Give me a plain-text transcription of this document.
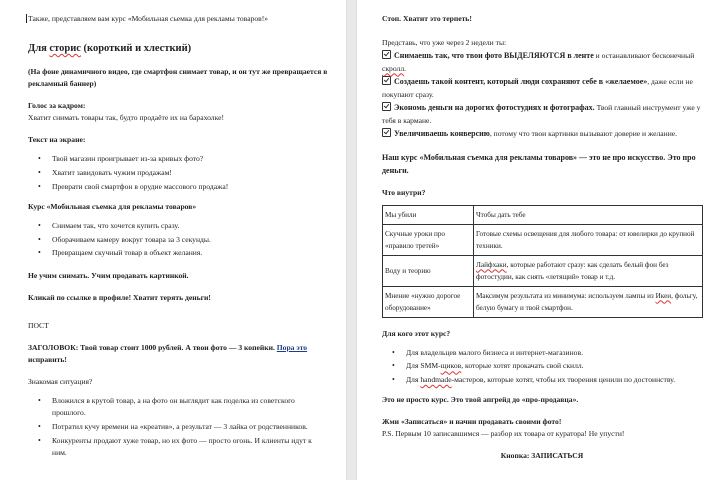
Также, представляем вам курс «Мобильная сьемка для рекламы товаров!»

Для сторис (короткий и хлесткий)

(На фоне динамичного видео, где смартфон снимает товар, и он тут же превращается в рекламный баннер)

Голос за кадром:

Хватит снимать товары так, будто продаёте их на барахолке!

Текст на экране:

• Твой магазин проигрывает из-за кривых фото?
• Хватит завидовать чужим продажам!
• Преврати свой смартфон в орудие массового продажа!

Курс «Мобильная съемка для рекламы товаров»

• Снимаем так, что хочется купить сразу.
• Оборачиваем камеру вокруг товара за 3 секунды.
• Превращаем скучный товар в объект желания.

Не учим снимать. Учим продавать картинкой.

Кликай по ссылке в профиле! Хватит терять деньги!

ПОСТ

ЗАГОЛОВОК: Твой товар стоит 1000 рублей. А твои фото — 3 копейки. Пора это исправить!

Знакомая ситуация?

• Вложился в крутой товар, а на фото он выглядит как поделка из советского прошлого.
• Потратил кучу времени на «креатив», а результат — 3 лайка от родственников.
• Конкуренты продают хуже товар, но их фото — просто огонь. И клиенты идут к ним.

Стоп. Хватит это терпеть!

Представь, что уже через 2 недели ты:

Снимаешь так, что твои фото ВЫДЕЛЯЮТСЯ в ленте и останавливают бесконечный скролл.

Создаешь такой контент, который люди сохраняют себе в «желаемое», даже если не покупают сразу.

Экономь деньги на дорогих фотостудиях и фотографах. Твой главный инструмент уже у тебя в кармане.

Увеличиваешь конверсию, потому что твои картинки вызывают доверие и желание.

Наш курс «Мобильная съемка для рекламы товаров» — это не про искусство. Это про деньги.

Что внутри?

Мы убили	Чтобы дать тебе
Скучные уроки про «правило третей»	Готовые схемы освещения для любого товара: от ювелирки до крупной техники.
Воду и теорию	Лайфхаки, которые работают сразу: как сделать белый фон без фотостудии, как снять «летящий» товар и т.д.
Мнение «нужно дорогое оборудование»	Максимум результата из минимума: используем лампы из Икеи, фольгу, белую бумагу и твой смартфон.

Для кого этот курс?

• Для владельцев малого бизнеса и интернет-магазинов.
• Для SMM-щиков, которые хотят прокачать свой скилл.
• Для handmade-мастеров, которые хотят, чтобы их творения ценили по достоинству.

Это не просто курс. Это твой апгрейд до «про-продавца».

Жми «Записаться» и начни продавать своими фото!

P.S. Первым 10 записавшимся — разбор их товара от куратора! Не упусти!

Кнопка: ЗАПИСАТЬСЯ
